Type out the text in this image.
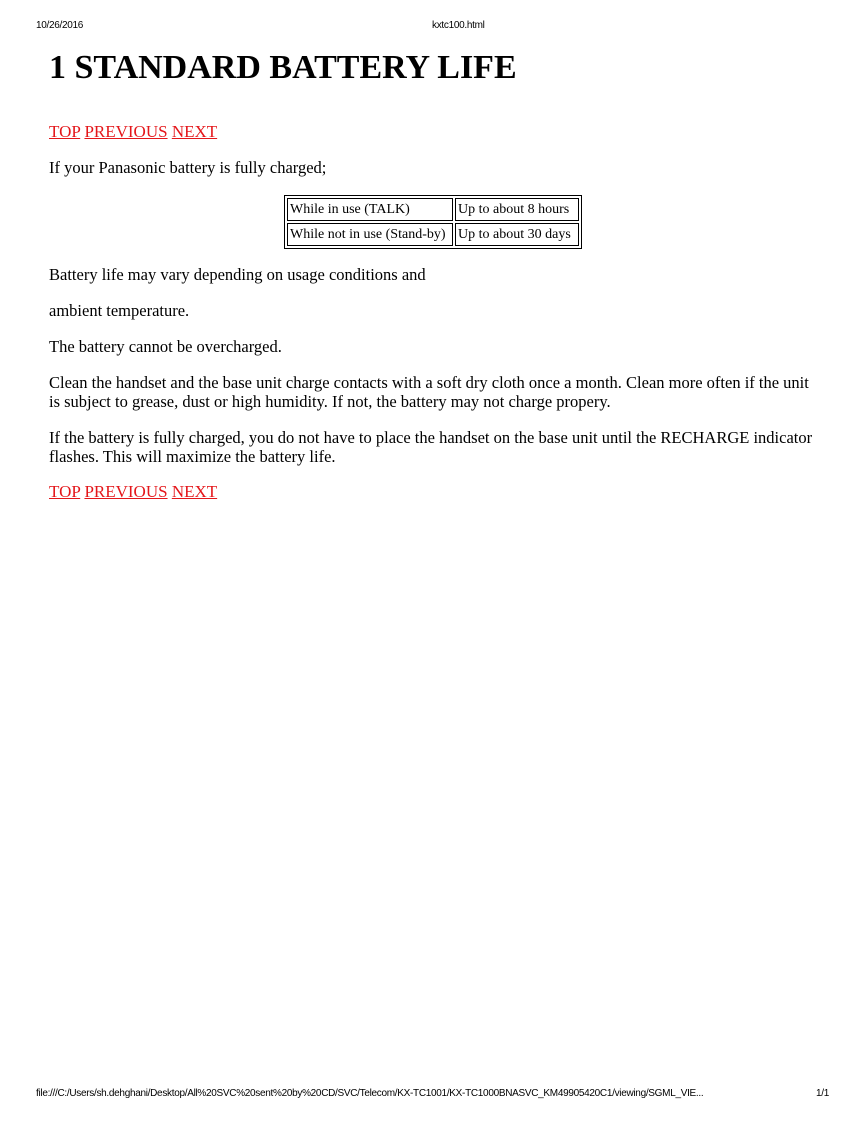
10/26/2016	kxtc100.html
1 STANDARD BATTERY LIFE
TOP PREVIOUS NEXT

If your Panasonic battery is fully charged;

While in use (TALK)	Up to about 8 hours
While not in use (Stand-by)	Up to about 30 days

Battery life may vary depending on usage conditions and

ambient temperature.

The battery cannot be overcharged.

Clean the handset and the base unit charge contacts with a soft dry cloth once a month. Clean more often if the unit is subject to grease, dust or high humidity. If not, the battery may not charge propery.

If the battery is fully charged, you do not have to place the handset on the base unit until the RECHARGE indicator flashes. This will maximize the battery life.

TOP PREVIOUS NEXT
file:///C:/Users/sh.dehghani/Desktop/All%20SVC%20sent%20by%20CD/SVC/Telecom/KX-TC1001/KX-TC1000BNASVC_KM49905420C1/viewing/SGML_VIE...	1/1
